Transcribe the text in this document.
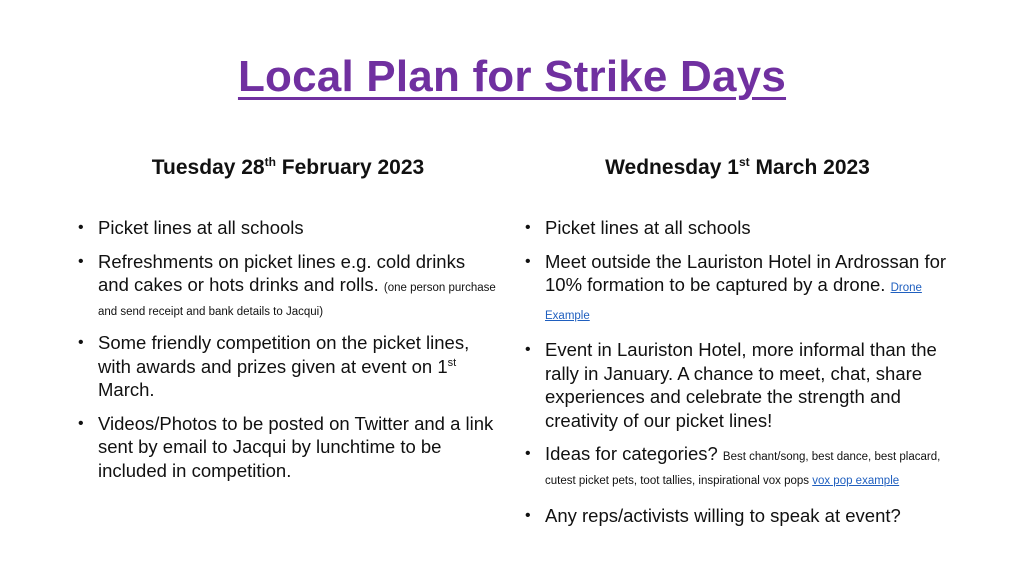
Local Plan for Strike Days
Tuesday 28th February 2023
• Picket lines at all schools
• Refreshments on picket lines e.g. cold drinks and cakes or hots drinks and rolls. (one person purchase and send receipt and bank details to Jacqui)
• Some friendly competition on the picket lines, with awards and prizes given at event on 1st March.
• Videos/Photos to be posted on Twitter and a link sent by email to Jacqui by lunchtime to be included in competition.
Wednesday 1st March 2023
• Picket lines at all schools
• Meet outside the Lauriston Hotel in Ardrossan for 10% formation to be captured by a drone. Drone Example
• Event in Lauriston Hotel, more informal than the rally in January. A chance to meet, chat, share experiences and celebrate the strength and creativity of our picket lines!
• Ideas for categories? Best chant/song, best dance, best placard, cutest picket pets, toot tallies, inspirational vox pops vox pop example
• Any reps/activists willing to speak at event?
